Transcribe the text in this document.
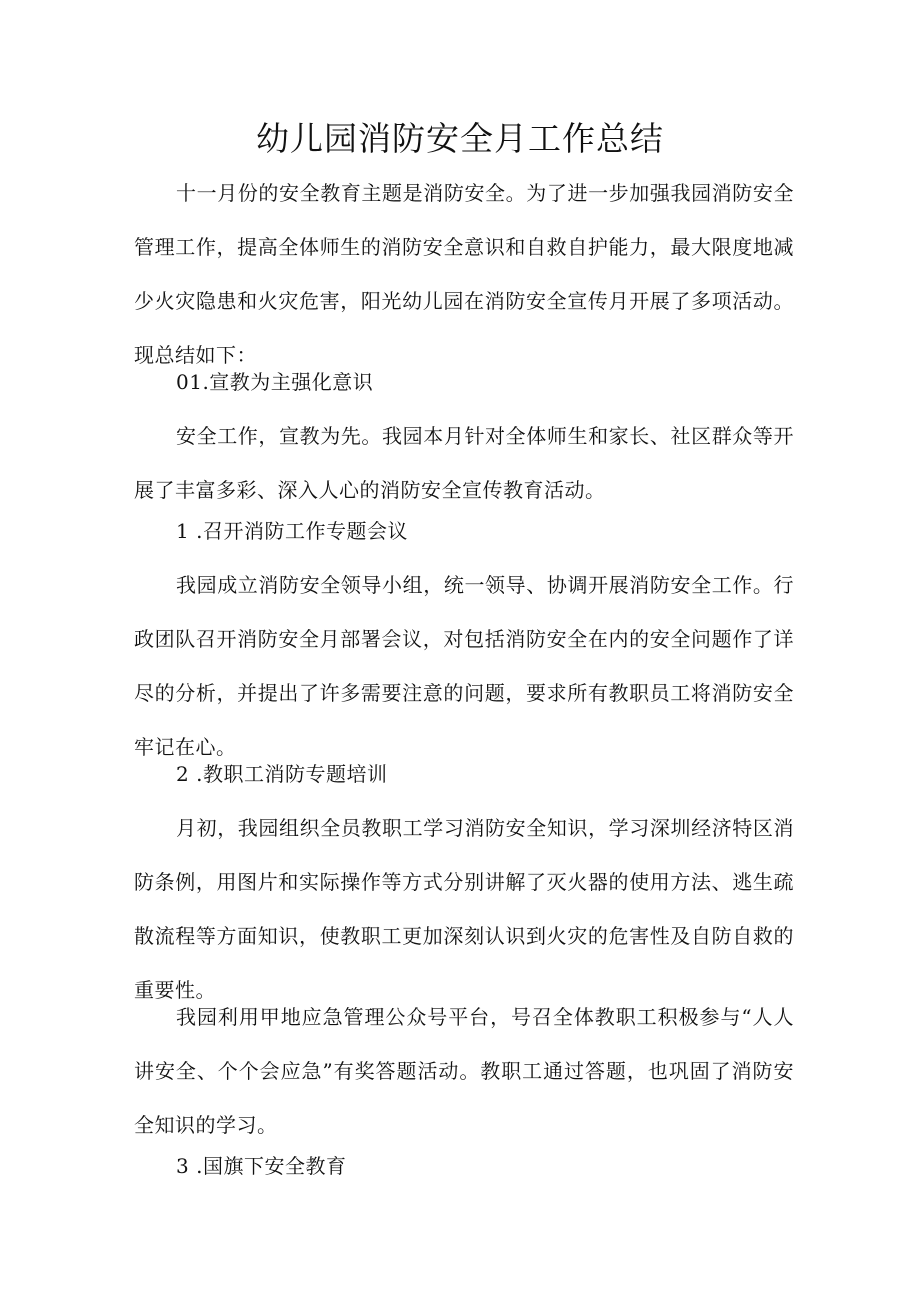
幼儿园消防安全月工作总结

十一月份的安全教育主题是消防安全。为了进一步加强我园消防安全管理工作，提高全体师生的消防安全意识和自救自护能力，最大限度地减少火灾隐患和火灾危害，阳光幼儿园在消防安全宣传月开展了多项活动。现总结如下：

01.宣教为主强化意识

安全工作，宣教为先。我园本月针对全体师生和家长、社区群众等开展了丰富多彩、深入人心的消防安全宣传教育活动。

1 .召开消防工作专题会议

我园成立消防安全领导小组，统一领导、协调开展消防安全工作。行政团队召开消防安全月部署会议，对包括消防安全在内的安全问题作了详尽的分析，并提出了许多需要注意的问题，要求所有教职员工将消防安全牢记在心。

2 .教职工消防专题培训

月初，我园组织全员教职工学习消防安全知识，学习深圳经济特区消防条例，用图片和实际操作等方式分别讲解了灭火器的使用方法、逃生疏散流程等方面知识，使教职工更加深刻认识到火灾的危害性及自防自救的重要性。

我园利用甲地应急管理公众号平台，号召全体教职工积极参与“人人讲安全、个个会应急”有奖答题活动。教职工通过答题，也巩固了消防安全知识的学习。

3 .国旗下安全教育
